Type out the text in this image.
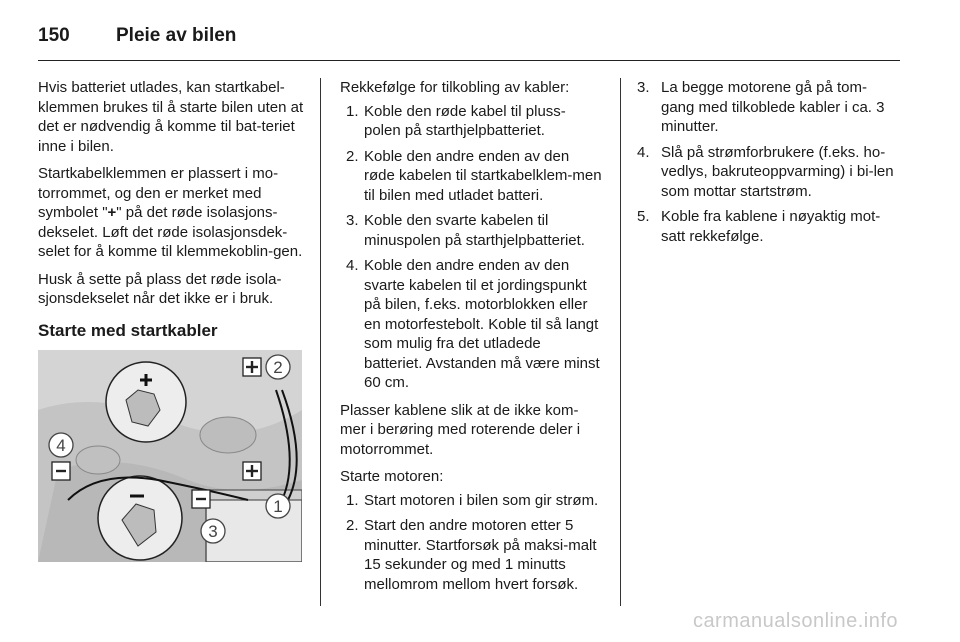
150	Pleie av bilen

Hvis batteriet utlades, kan startkabel-klemmen brukes til å starte bilen uten at det er nødvendig å komme til bat-teriet inne i bilen.

Startkabelklemmen er plassert i mo-torrommet, og den er merket med symbolet "+" på det røde isolasjons-dekselet. Løft det røde isolasjonsdek-selet for å komme til klemmekoblin-gen.

Husk å sette på plass det røde isola-sjonsdekselet når det ikke er i bruk.

Starte med startkabler
2
4
1
3

Rekkefølge for tilkobling av kabler:

1. Koble den røde kabel til pluss-polen på starthjelpbatteriet.
2. Koble den andre enden av den røde kabelen til startkabelklem-men til bilen med utladet batteri.
3. Koble den svarte kabelen til minuspolen på starthjelpbatteriet.
4. Koble den andre enden av den svarte kabelen til et jordingspunkt på bilen, f.eks. motorblokken eller en motorfestebolt. Koble til så langt som mulig fra det utladede batteriet. Avstanden må være minst 60 cm.

Plasser kablene slik at de ikke kom-mer i berøring med roterende deler i motorrommet.

Starte motoren:

1. Start motoren i bilen som gir strøm.
2. Start den andre motoren etter 5 minutter. Startforsøk på maksi-malt 15 sekunder og med 1 minutts mellomrom mellom hvert forsøk.
3. La begge motorene gå på tom-gang med tilkoblede kabler i ca. 3 minutter.
4. Slå på strømforbrukere (f.eks. ho-vedlys, bakruteoppvarming) i bi-len som mottar startstrøm.
5. Koble fra kablene i nøyaktig mot-satt rekkefølge.
carmanualsonline.info
